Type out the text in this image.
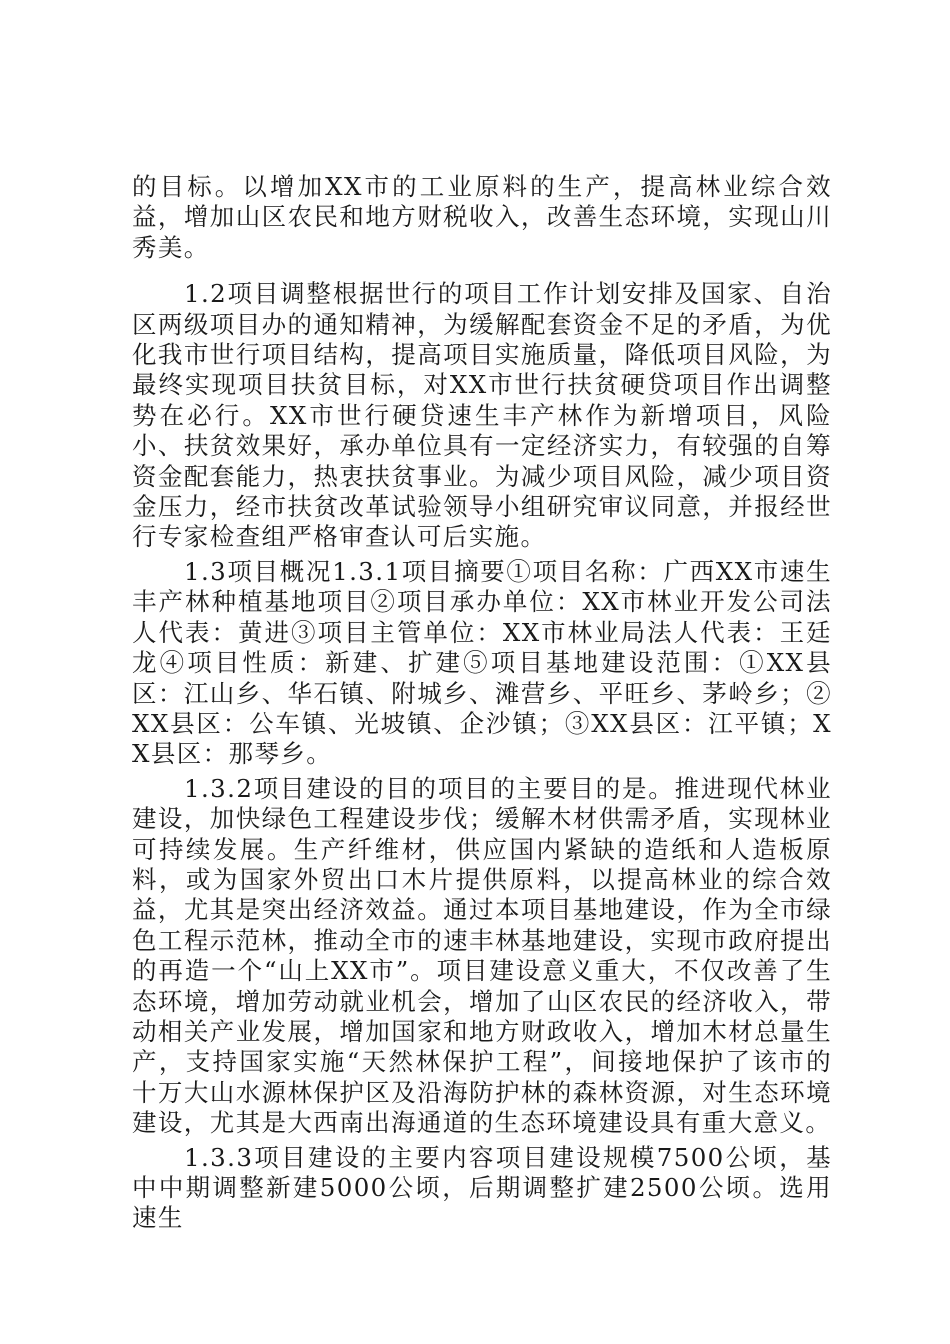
的目标。以增加XX市的工业原料的生产，提高林业综合效益，增加山区农民和地方财税收入，改善生态环境，实现山川秀美。

1.2项目调整根据世行的项目工作计划安排及国家、自治区两级项目办的通知精神，为缓解配套资金不足的矛盾，为优化我市世行项目结构，提高项目实施质量，降低项目风险，为最终实现项目扶贫目标，对XX市世行扶贫硬贷项目作出调整势在必行。XX市世行硬贷速生丰产林作为新增项目，风险小、扶贫效果好，承办单位具有一定经济实力，有较强的自筹资金配套能力，热衷扶贫事业。为减少项目风险，减少项目资金压力，经市扶贫改革试验领导小组研究审议同意，并报经世行专家检查组严格审查认可后实施。

1.3项目概况1.3.1项目摘要①项目名称：广西XX市速生丰产林种植基地项目②项目承办单位：XX市林业开发公司法人代表：黄进③项目主管单位：XX市林业局法人代表：王廷龙④项目性质：新建、扩建⑤项目基地建设范围：①XX县区：江山乡、华石镇、附城乡、滩营乡、平旺乡、茅岭乡；②XX县区：公车镇、光坡镇、企沙镇；③XX县区：江平镇；XX县区：那琴乡。

1.3.2项目建设的目的项目的主要目的是。推进现代林业建设，加快绿色工程建设步伐；缓解木材供需矛盾，实现林业可持续发展。生产纤维材，供应国内紧缺的造纸和人造板原料，或为国家外贸出口木片提供原料，以提高林业的综合效益，尤其是突出经济效益。通过本项目基地建设，作为全市绿色工程示范林，推动全市的速丰林基地建设，实现市政府提出的再造一个“山上XX市”。项目建设意义重大，不仅改善了生态环境，增加劳动就业机会，增加了山区农民的经济收入，带动相关产业发展，增加国家和地方财政收入，增加木材总量生产，支持国家实施“天然林保护工程”，间接地保护了该市的十万大山水源林保护区及沿海防护林的森林资源，对生态环境建设，尤其是大西南出海通道的生态环境建设具有重大意义。

1.3.3项目建设的主要内容项目建设规模7500公顷，基中中期调整新建5000公顷，后期调整扩建2500公顷。选用速生
